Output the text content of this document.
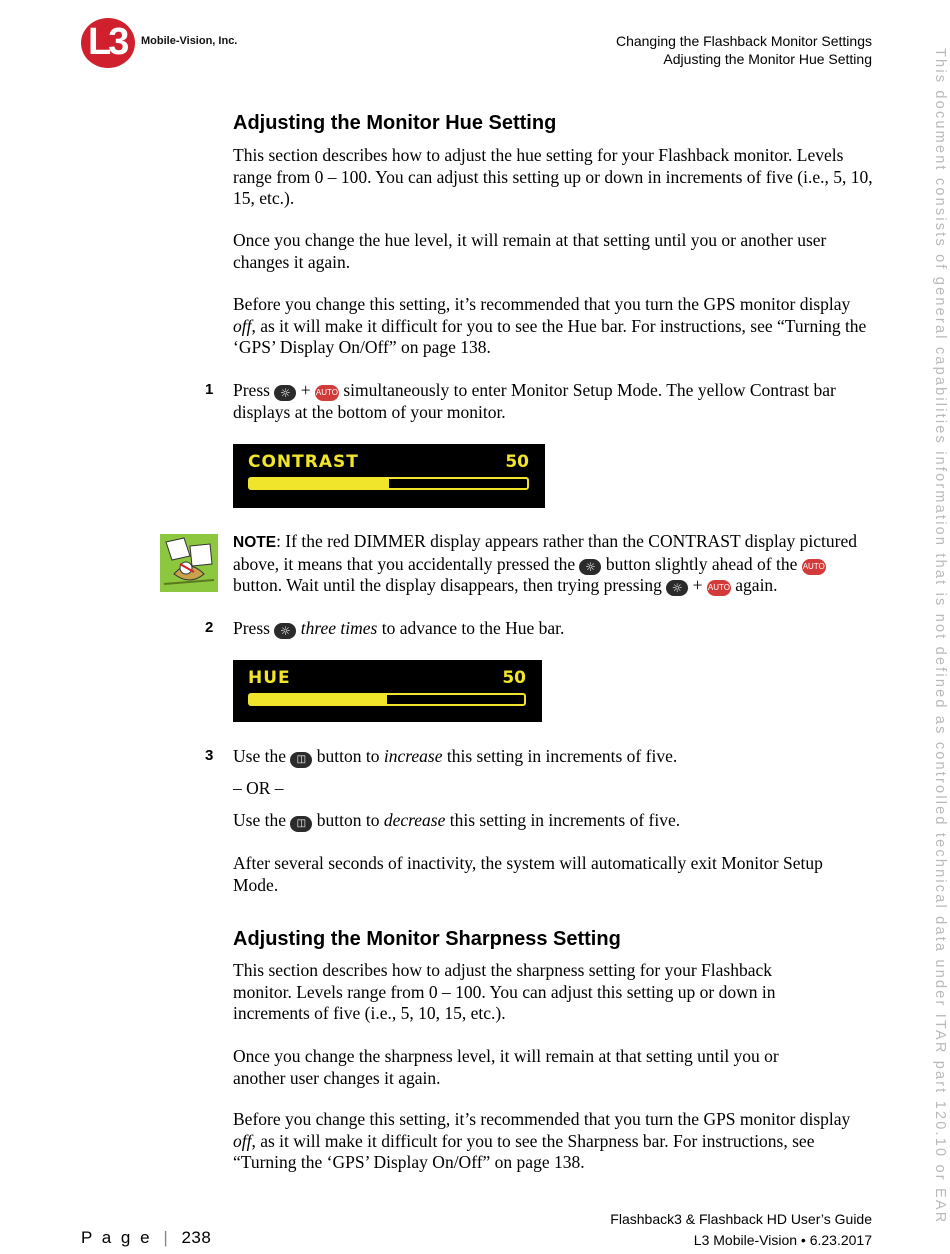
L3 Mobile-Vision, Inc.	Changing the Flashback Monitor Settings
Adjusting the Monitor Hue Setting	This document consists of general capabilities information that is not defined as controlled technical data under ITAR part 120.10 or EAR
Adjusting the Monitor Hue Setting

This section describes how to adjust the hue setting for your Flashback monitor. Levels range from 0 – 100. You can adjust this setting up or down in increments of five (i.e., 5, 10, 15, etc.).

Once you change the hue level, it will remain at that setting until you or another user changes it again.

Before you change this setting, it’s recommended that you turn the GPS monitor display off, as it will make it difficult for you to see the Hue bar. For instructions, see “Turning the ‘GPS’ Display On/Off” on page 138.

1 Press ☼ + AUTO simultaneously to enter Monitor Setup Mode. The yellow Contrast bar displays at the bottom of your monitor.

CONTRAST	50

NOTE: If the red DIMMER display appears rather than the CONTRAST display pictured above, it means that you accidentally pressed the ☼ button slightly ahead of the AUTO button. Wait until the display disappears, then trying pressing ☼ + AUTO again.

2 Press ☼ three times to advance to the Hue bar.

HUE	50
3 Use the ◫ button to increase this setting in increments of five.

– OR –

Use the ◫ button to decrease this setting in increments of five.

After several seconds of inactivity, the system will automatically exit Monitor Setup Mode.

Adjusting the Monitor Sharpness Setting

This section describes how to adjust the sharpness setting for your Flashback monitor. Levels range from 0 – 100. You can adjust this setting up or down in increments of five (i.e., 5, 10, 15, etc.).

Once you change the sharpness level, it will remain at that setting until you or another user changes it again.

Before you change this setting, it’s recommended that you turn the GPS monitor display off, as it will make it difficult for you to see the Sharpness bar. For instructions, see “Turning the ‘GPS’ Display On/Off” on page 138.

P a g e | 238
Flashback3 & Flashback HD User’s Guide
L3 Mobile-Vision • 6.23.2017
